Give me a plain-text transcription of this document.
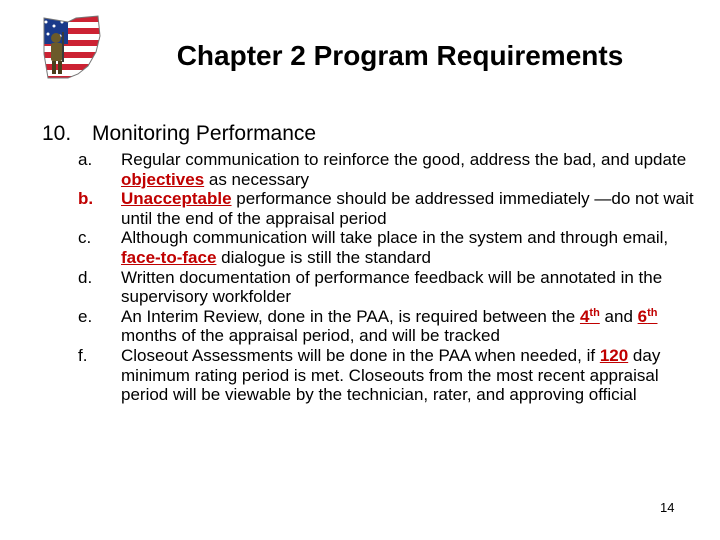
Chapter 2 Program Requirements
10. Monitoring Performance
a. Regular communication to reinforce the good, address the bad, and update objectives as necessary
b. Unacceptable performance should be addressed immediately —do not wait until the end of the appraisal period
c. Although communication will take place in the system and through email, face-to-face dialogue is still the standard
d. Written documentation of performance feedback will be annotated in the supervisory workfolder
e. An Interim Review, done in the PAA, is required between the 4th and 6th months of the appraisal period, and will be tracked
f. Closeout Assessments will be done in the PAA when needed, if 120 day minimum rating period is met. Closeouts from the most recent appraisal period will be viewable by the technician, rater, and approving official
14
